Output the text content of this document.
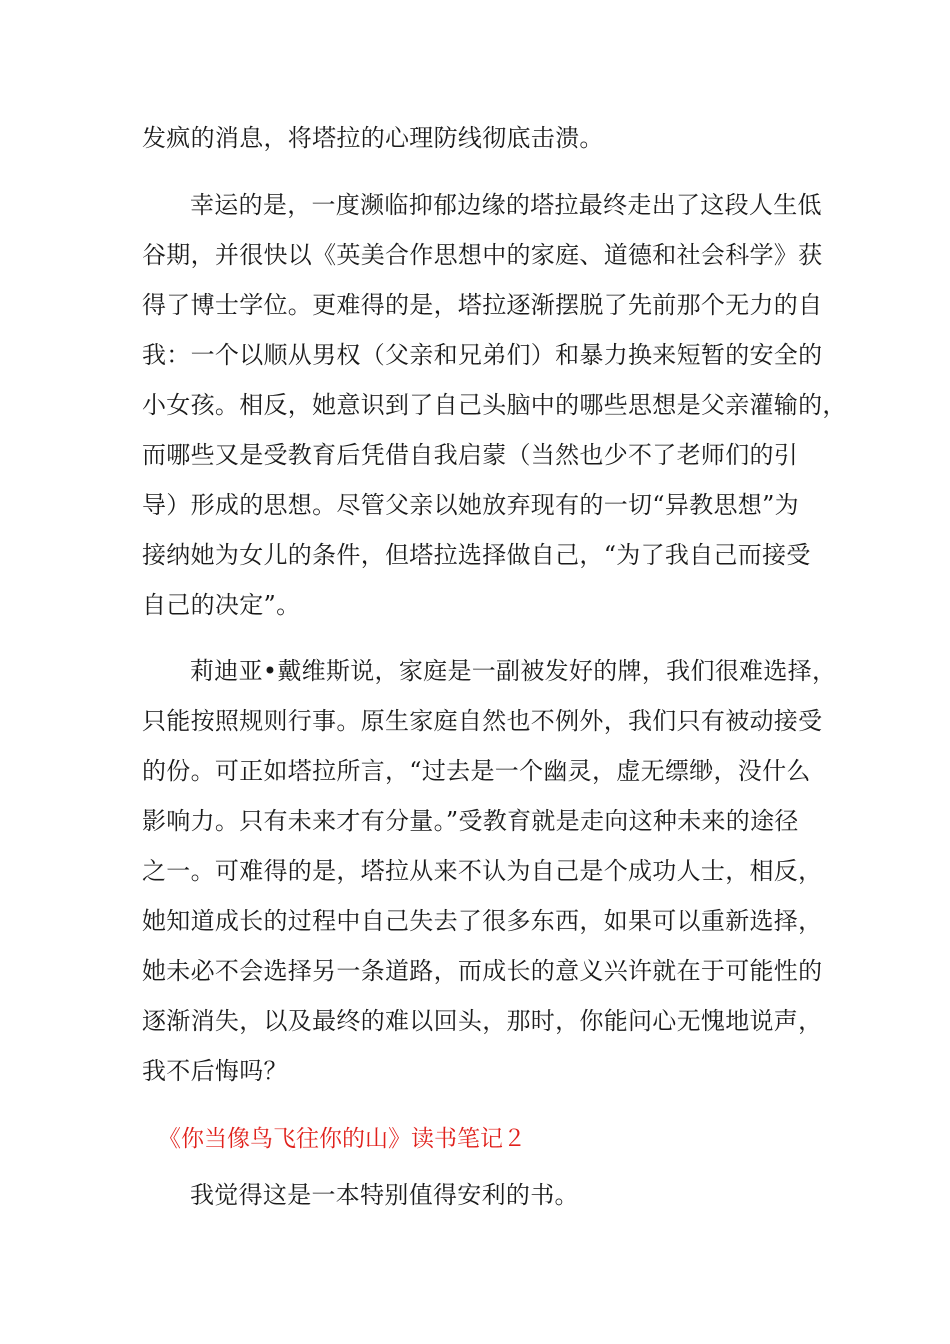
发疯的消息，将塔拉的心理防线彻底击溃。
幸运的是，一度濒临抑郁边缘的塔拉最终走出了这段人生低
谷期，并很快以《英美合作思想中的家庭、道德和社会科学》获
得了博士学位。更难得的是，塔拉逐渐摆脱了先前那个无力的自
我：一个以顺从男权（父亲和兄弟们）和暴力换来短暂的安全的
小女孩。相反，她意识到了自己头脑中的哪些思想是父亲灌输的，
而哪些又是受教育后凭借自我启蒙（当然也少不了老师们的引
导）形成的思想。尽管父亲以她放弃现有的一切“异教思想”为
接纳她为女儿的条件，但塔拉选择做自己，“为了我自己而接受
自己的决定”。
莉迪亚•戴维斯说，家庭是一副被发好的牌，我们很难选择，
只能按照规则行事。原生家庭自然也不例外，我们只有被动接受
的份。可正如塔拉所言，“过去是一个幽灵，虚无缥缈，没什么
影响力。只有未来才有分量。”受教育就是走向这种未来的途径
之一。可难得的是，塔拉从来不认为自己是个成功人士，相反，
她知道成长的过程中自己失去了很多东西，如果可以重新选择，
她未必不会选择另一条道路，而成长的意义兴许就在于可能性的
逐渐消失，以及最终的难以回头，那时，你能问心无愧地说声，
我不后悔吗？
《你当像鸟飞往你的山》读书笔记２
我觉得这是一本特别值得安利的书。
